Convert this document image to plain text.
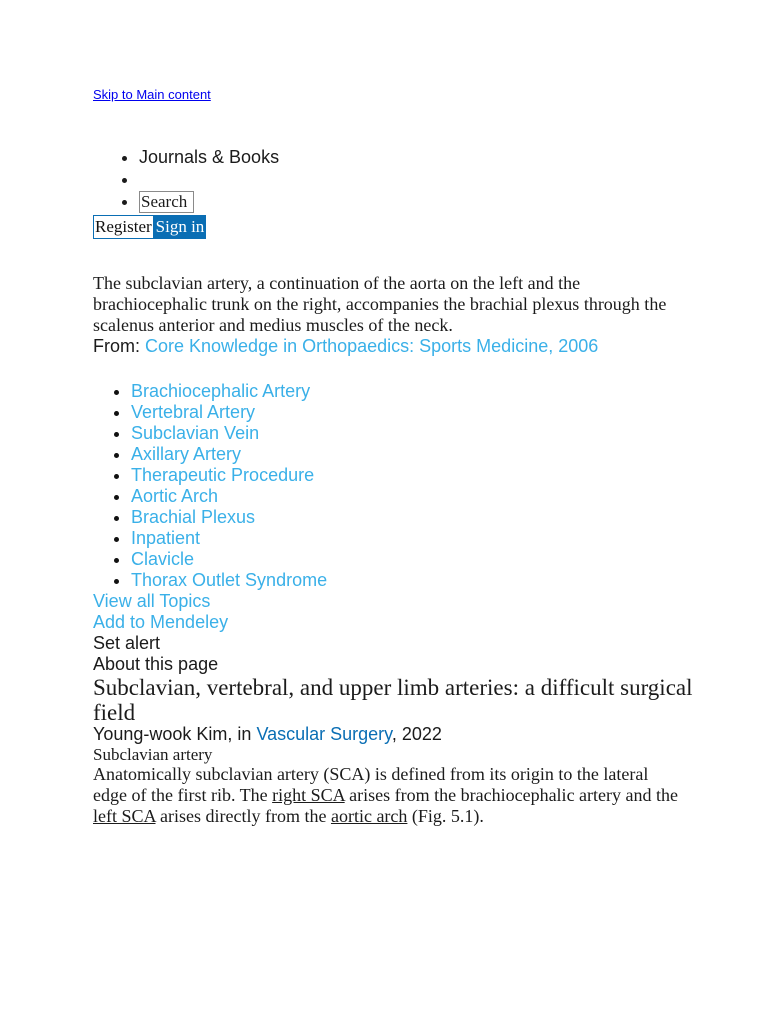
Skip to Main content
• Journals & Books
•
• Search
Register Sign in

The subclavian artery, a continuation of the aorta on the left and the brachiocephalic trunk on the right, accompanies the brachial plexus through the scalenus anterior and medius muscles of the neck.

From: Core Knowledge in Orthopaedics: Sports Medicine, 2006
• Brachiocephalic Artery
• Vertebral Artery
• Subclavian Vein
• Axillary Artery
• Therapeutic Procedure
• Aortic Arch
• Brachial Plexus
• Inpatient
• Clavicle
• Thorax Outlet Syndrome
View all Topics
Add to Mendeley
Set alert
About this page
Subclavian, vertebral, and upper limb arteries: a difficult surgical field
Young-wook Kim, in Vascular Surgery, 2022
Subclavian artery

Anatomically subclavian artery (SCA) is defined from its origin to the lateral edge of the first rib. The right SCA arises from the brachiocephalic artery and the left SCA arises directly from the aortic arch (Fig. 5.1).
